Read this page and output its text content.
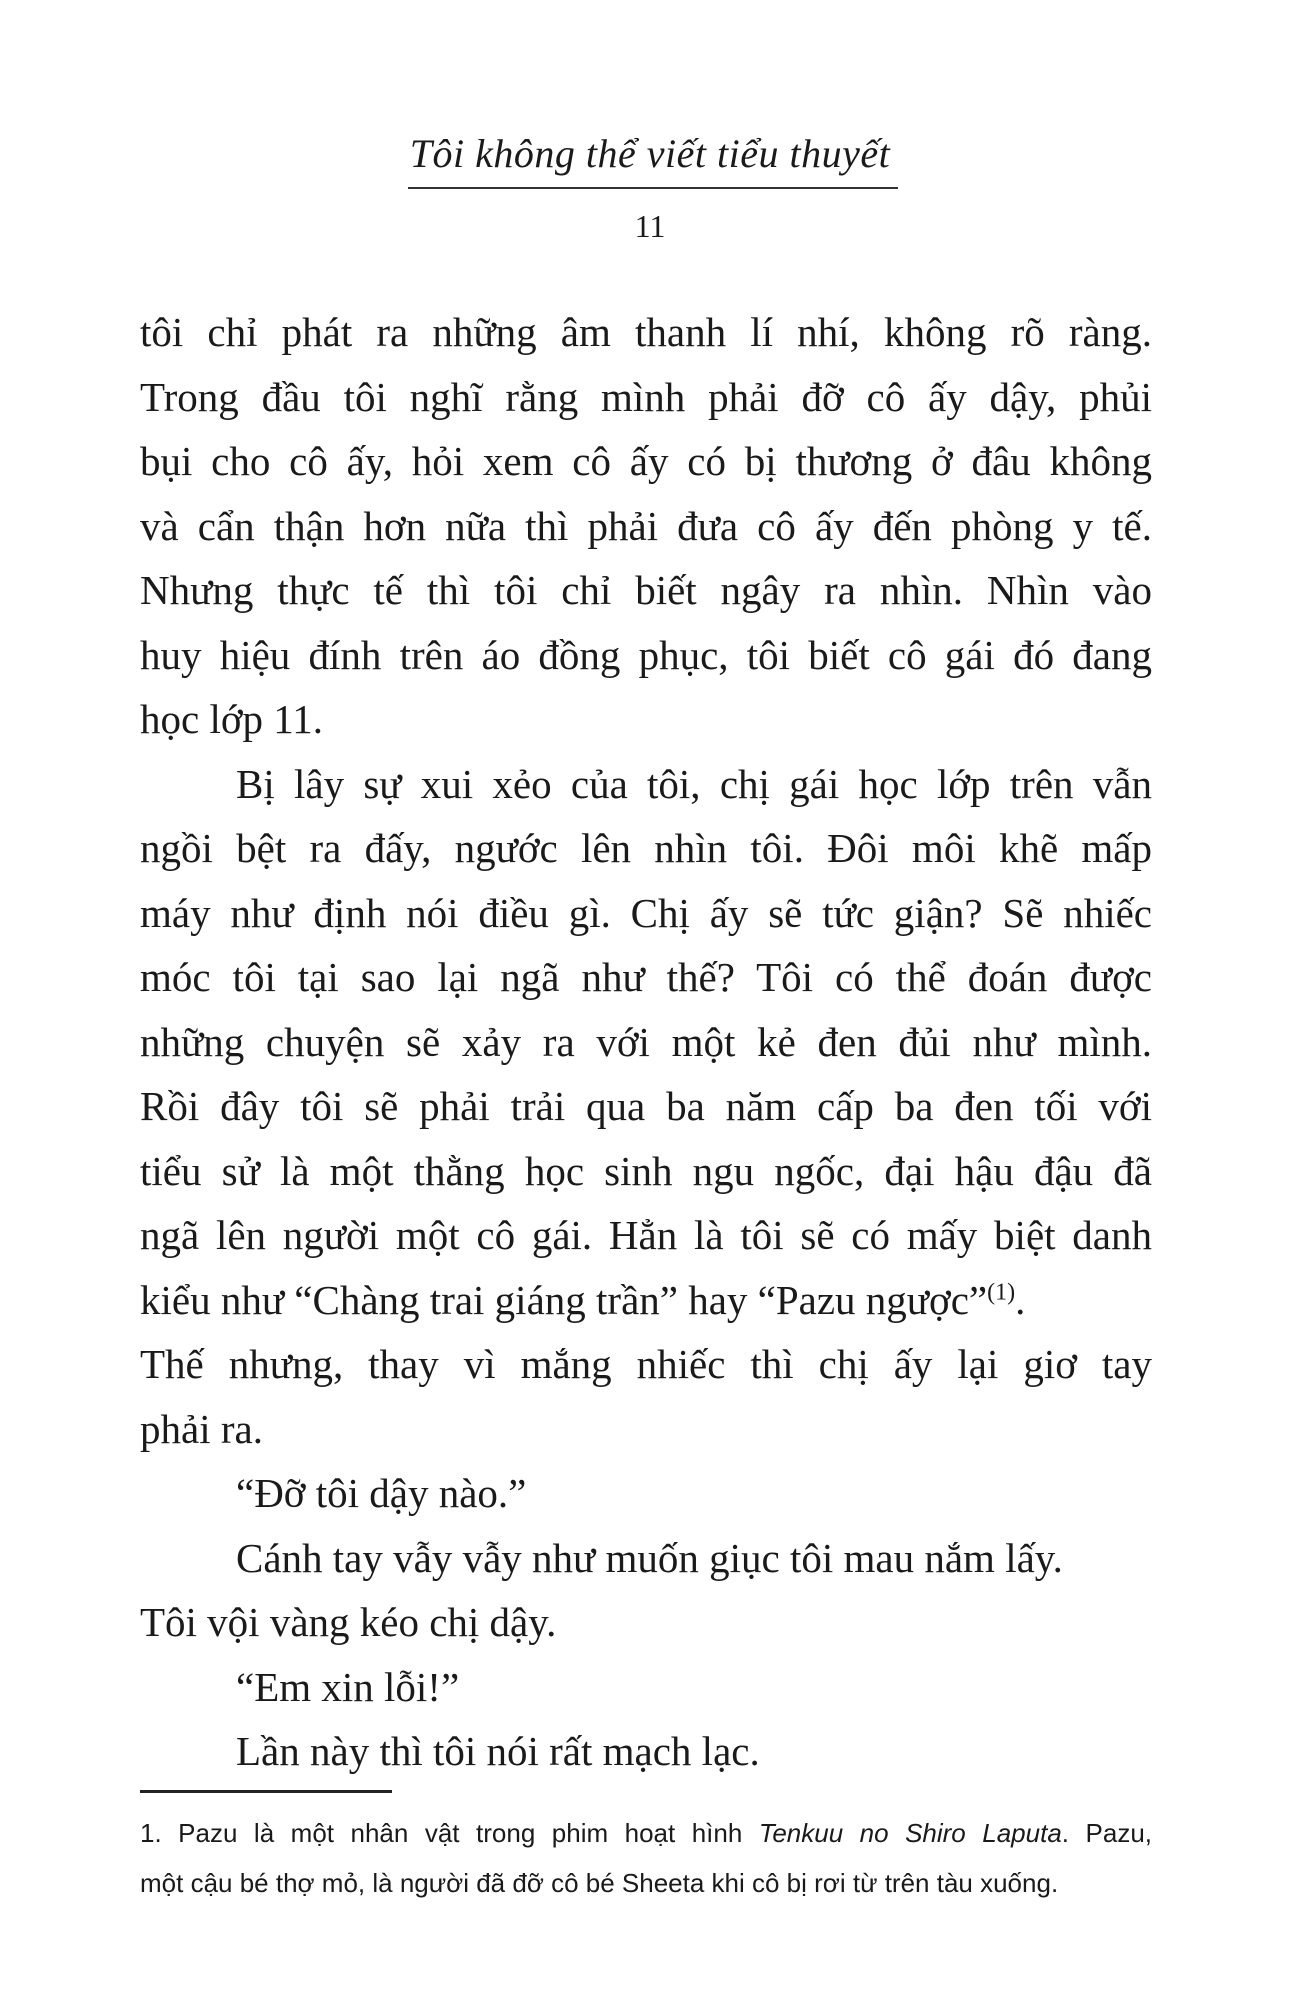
Tôi không thể viết tiểu thuyết
11
tôi chỉ phát ra những âm thanh lí nhí, không rõ ràng.
Trong đầu tôi nghĩ rằng mình phải đỡ cô ấy dậy, phủi
bụi cho cô ấy, hỏi xem cô ấy có bị thương ở đâu không
và cẩn thận hơn nữa thì phải đưa cô ấy đến phòng y tế.
Nhưng thực tế thì tôi chỉ biết ngây ra nhìn. Nhìn vào
huy hiệu đính trên áo đồng phục, tôi biết cô gái đó đang
học lớp 11.
Bị lây sự xui xẻo của tôi, chị gái học lớp trên vẫn
ngồi bệt ra đấy, ngước lên nhìn tôi. Đôi môi khẽ mấp
máy như định nói điều gì. Chị ấy sẽ tức giận? Sẽ nhiếc
móc tôi tại sao lại ngã như thế? Tôi có thể đoán được
những chuyện sẽ xảy ra với một kẻ đen đủi như mình.
Rồi đây tôi sẽ phải trải qua ba năm cấp ba đen tối với
tiểu sử là một thằng học sinh ngu ngốc, đại hậu đậu đã
ngã lên người một cô gái. Hẳn là tôi sẽ có mấy biệt danh
kiểu như “Chàng trai giáng trần” hay “Pazu ngược”$^{(1)}$.
Thế nhưng, thay vì mắng nhiếc thì chị ấy lại giơ tay
phải ra.
“Đỡ tôi dậy nào.”
Cánh tay vẫy vẫy như muốn giục tôi mau nắm lấy.
Tôi vội vàng kéo chị dậy.
“Em xin lỗi!”
Lần này thì tôi nói rất mạch lạc.
1. Pazu là một nhân vật trong phim hoạt hình Tenkuu no Shiro Laputa. Pazu,
một cậu bé thợ mỏ, là người đã đỡ cô bé Sheeta khi cô bị rơi từ trên tàu xuống.
